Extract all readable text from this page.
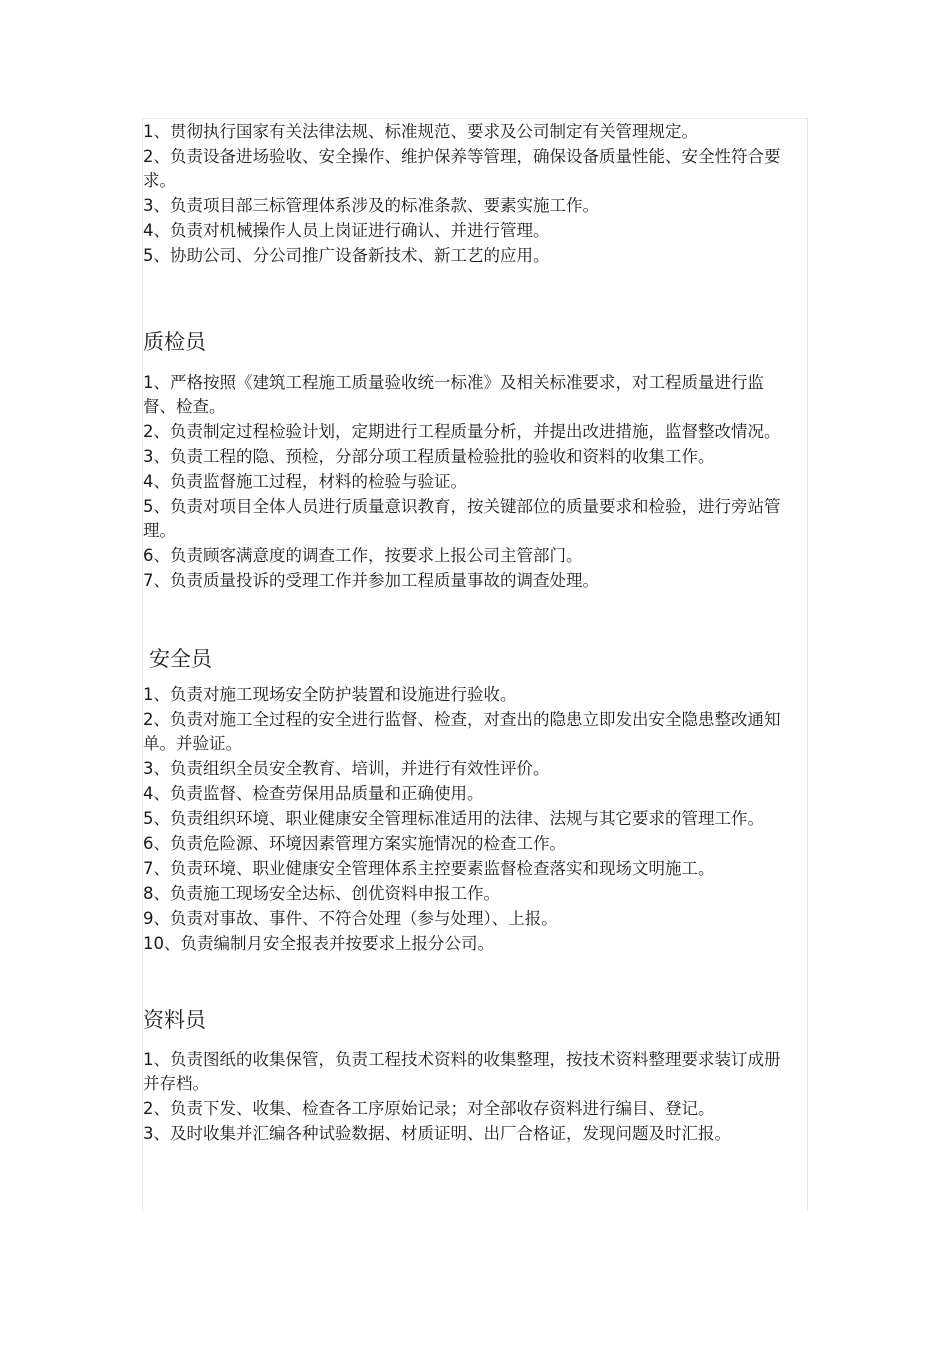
1、贯彻执行国家有关法律法规、标准规范、要求及公司制定有关管理规定。

2、负责设备进场验收、安全操作、维护保养等管理，确保设备质量性能、安全性符合要求。

3、负责项目部三标管理体系涉及的标准条款、要素实施工作。

4、负责对机械操作人员上岗证进行确认、并进行管理。

5、协助公司、分公司推广设备新技术、新工艺的应用。

质检员

1、严格按照《建筑工程施工质量验收统一标准》及相关标准要求，对工程质量进行监督、检查。

2、负责制定过程检验计划，定期进行工程质量分析，并提出改进措施，监督整改情况。

3、负责工程的隐、预检，分部分项工程质量检验批的验收和资料的收集工作。

4、负责监督施工过程，材料的检验与验证。

5、负责对项目全体人员进行质量意识教育，按关键部位的质量要求和检验，进行旁站管理。

6、负责顾客满意度的调查工作，按要求上报公司主管部门。

7、负责质量投诉的受理工作并参加工程质量事故的调查处理。

安全员

1、负责对施工现场安全防护装置和设施进行验收。

2、负责对施工全过程的安全进行监督、检查，对查出的隐患立即发出安全隐患整改通知单。并验证。

3、负责组织全员安全教育、培训，并进行有效性评价。

4、负责监督、检查劳保用品质量和正确使用。

5、负责组织环境、职业健康安全管理标准适用的法律、法规与其它要求的管理工作。

6、负责危险源、环境因素管理方案实施情况的检查工作。

7、负责环境、职业健康安全管理体系主控要素监督检查落实和现场文明施工。

8、负责施工现场安全达标、创优资料申报工作。

9、负责对事故、事件、不符合处理（参与处理）、上报。

10、负责编制月安全报表并按要求上报分公司。

资料员

1、负责图纸的收集保管，负责工程技术资料的收集整理，按技术资料整理要求装订成册并存档。

2、负责下发、收集、检查各工序原始记录；对全部收存资料进行编目、登记。

3、及时收集并汇编各种试验数据、材质证明、出厂合格证，发现问题及时汇报。
